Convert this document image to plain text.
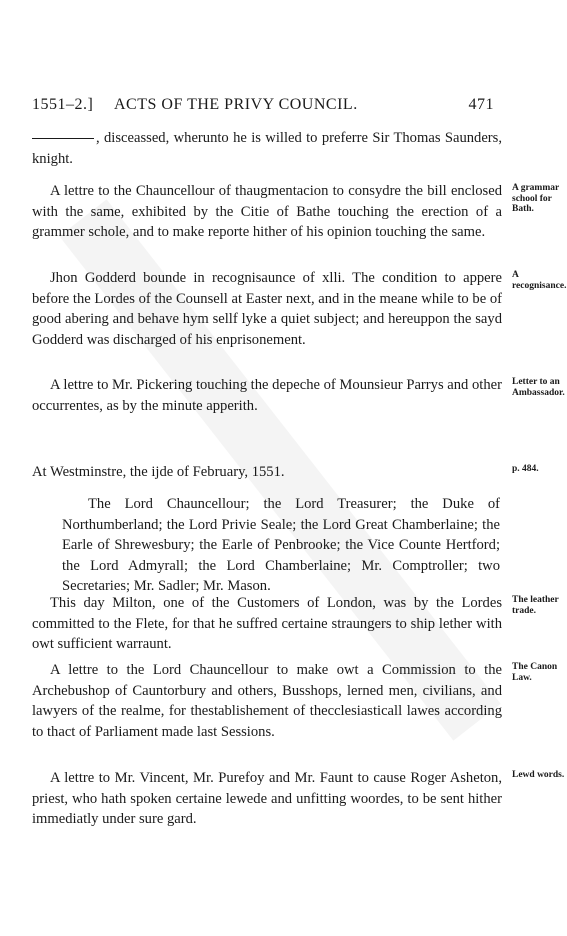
1551–2.] ACTS OF THE PRIVY COUNCIL.	471
, disceassed, wherunto he is willed to preferre Sir Thomas Saunders, knight.
A lettre to the Chauncellour of thaugmentacion to consydre the bill enclosed with the same, exhibited by the Citie of Bathe touching the erection of a grammer schole, and to make reporte hither of his opinion touching the same.
Jhon Godderd bounde in recognisaunce of xlli. The condition to appere before the Lordes of the Counsell at Easter next, and in the meane while to be of good abering and behave hym sellf lyke a quiet subject; and hereuppon the sayd Godderd was discharged of his enprisonement.
A lettre to Mr. Pickering touching the depeche of Mounsieur Parrys and other occurrentes, as by the minute apperith.
At Westminstre, the ijde of February, 1551.
This day Milton, one of the Customers of London, was by the Lordes committed to the Flete, for that he suffred certaine straungers to ship lether with owt sufficient warraunt.
A lettre to the Lord Chauncellour to make owt a Commission to the Archebushop of Cauntorbury and others, Busshops, lerned men, civilians, and lawyers of the realme, for thestablishement of thecclesiasticall lawes according to thact of Parliament made last Sessions.
A lettre to Mr. Vincent, Mr. Purefoy and Mr. Faunt to cause Roger Asheton, priest, who hath spoken certaine lewede and unfitting woordes, to be sent hither immediatly under sure gard.
The Lord Chauncellour; the Lord Treasurer; the Duke of Northumberland; the Lord Privie Seale; the Lord Great Chamberlaine; the Earle of Shrewesbury; the Earle of Penbrooke; the Vice Counte Hertford; the Lord Admyrall; the Lord Chamberlaine; Mr. Comptroller; two Secretaries; Mr. Sadler; Mr. Mason.
A grammar school for Bath.
A recognisance.
Letter to an Ambassador.
p. 484.
The leather trade.
The Canon Law.
Lewd words.
